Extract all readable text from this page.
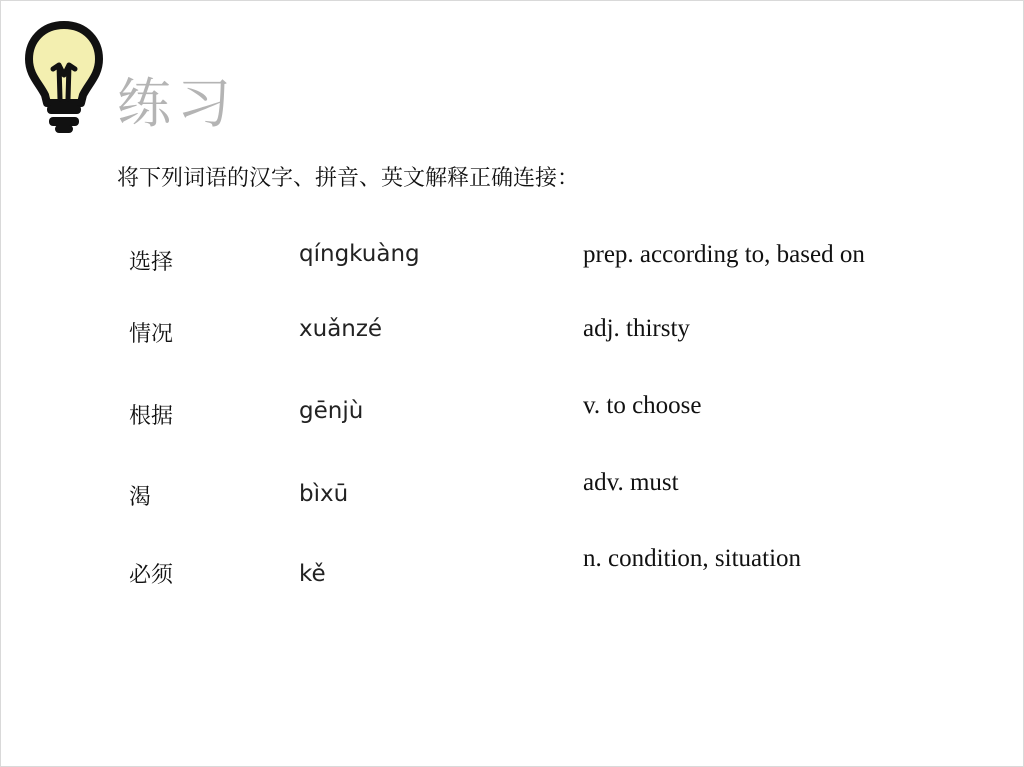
练习
将下列词语的汉字、拼音、英文解释正确连接：
选择
情况
根据
渴
必须
qíngkuàng
xuǎnzé
gēnjù
bìxū
kě
prep. according to, based on
adj. thirsty
v. to choose
adv. must
n. condition, situation
